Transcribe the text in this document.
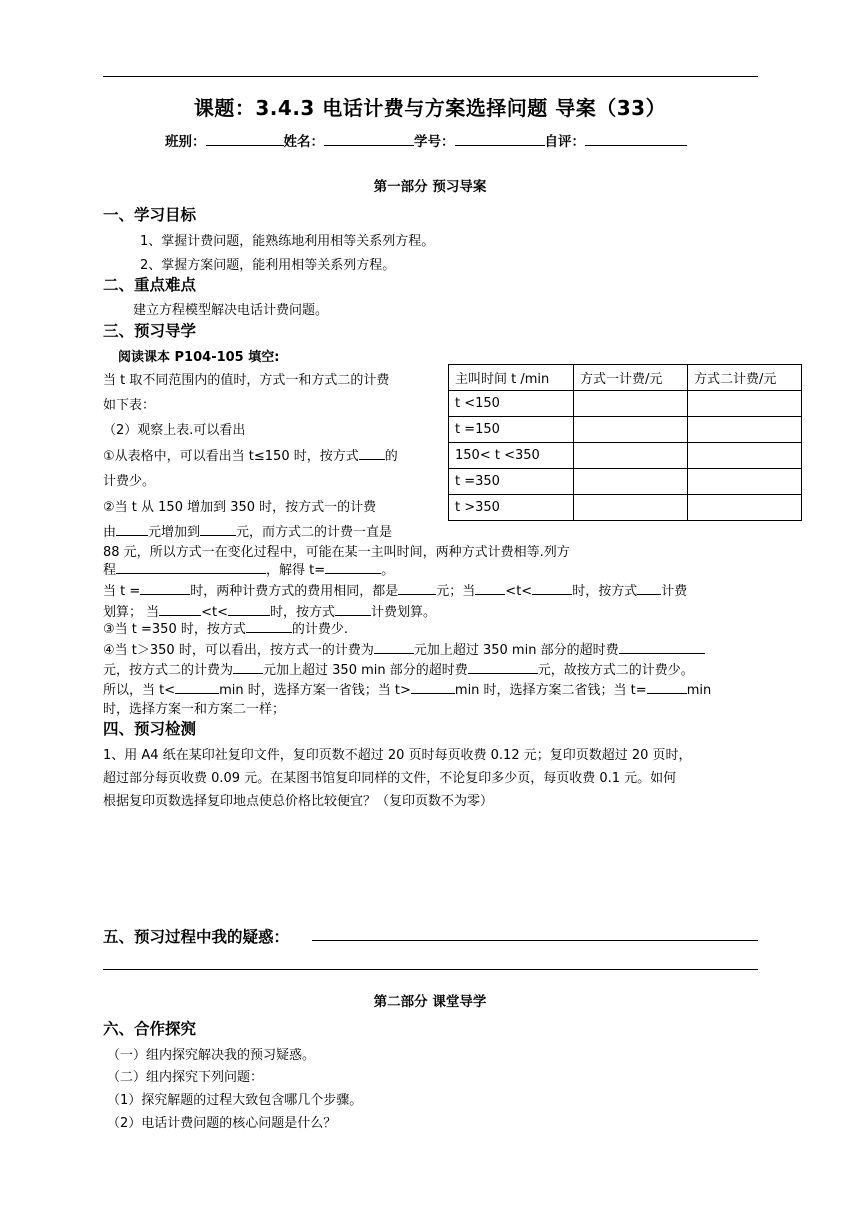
课题：3.4.3 电话计费与方案选择问题 导案（33）
班别：	姓名：	学号：	自评：
第一部分 预习导案
一、学习目标
1、掌握计费问题，能熟练地利用相等关系列方程。
2、掌握方案问题，能利用相等关系列方程。
二、重点难点
建立方程模型解决电话计费问题。
三、预习导学
阅读课本 P104-105 填空:
当 t 取不同范围内的值时，方式一和方式二的计费
如下表：
（2）观察上表.可以看出
①从表格中，可以看出当 t≤150 时，按方式 的
计费少。
②当 t 从 150 增加到 350 时，按方式一的计费
由 元增加到	元，而方式二的计费一直是
主叫时间 t /min	方式一计费/元	方式二计费/元
t <150		
t =150		
150< t <350		
t =350		
t >350		
88 元，所以方式一在变化过程中，可能在某一主叫时间，两种方式计费相等.列方
程	，解得 t=	。
当 t =	时，两种计费方式的费用相同，都是	元；当 <t<	时，按方式 计费
划算； 当	<t<	时，按方式	计费划算。
③当 t =350 时，按方式	的计费少.
④当 t＞350 时，可以看出，按方式一的计费为	元加上超过 350 min 部分的超时费
元，按方式二的计费为 元加上超过 350 min 部分的超时费	元，故按方式二的计费少。
所以，当 t<	min 时，选择方案一省钱；当 t>	min 时，选择方案二省钱；当 t=	min
时，选择方案一和方案二一样；
四、预习检测
1、用 A4 纸在某印社复印文件，复印页数不超过 20 页时每页收费 0.12 元；复印页数超过 20 页时，
超过部分每页收费 0.09 元。在某图书馆复印同样的文件，不论复印多少页，每页收费 0.1 元。如何
根据复印页数选择复印地点使总价格比较便宜？（复印页数不为零）
五、预习过程中我的疑惑：
第二部分 课堂导学
六、合作探究
（一）组内探究解决我的预习疑惑。
（二）组内探究下列问题：
（1）探究解题的过程大致包含哪几个步骤。
（2）电话计费问题的核心问题是什么？
